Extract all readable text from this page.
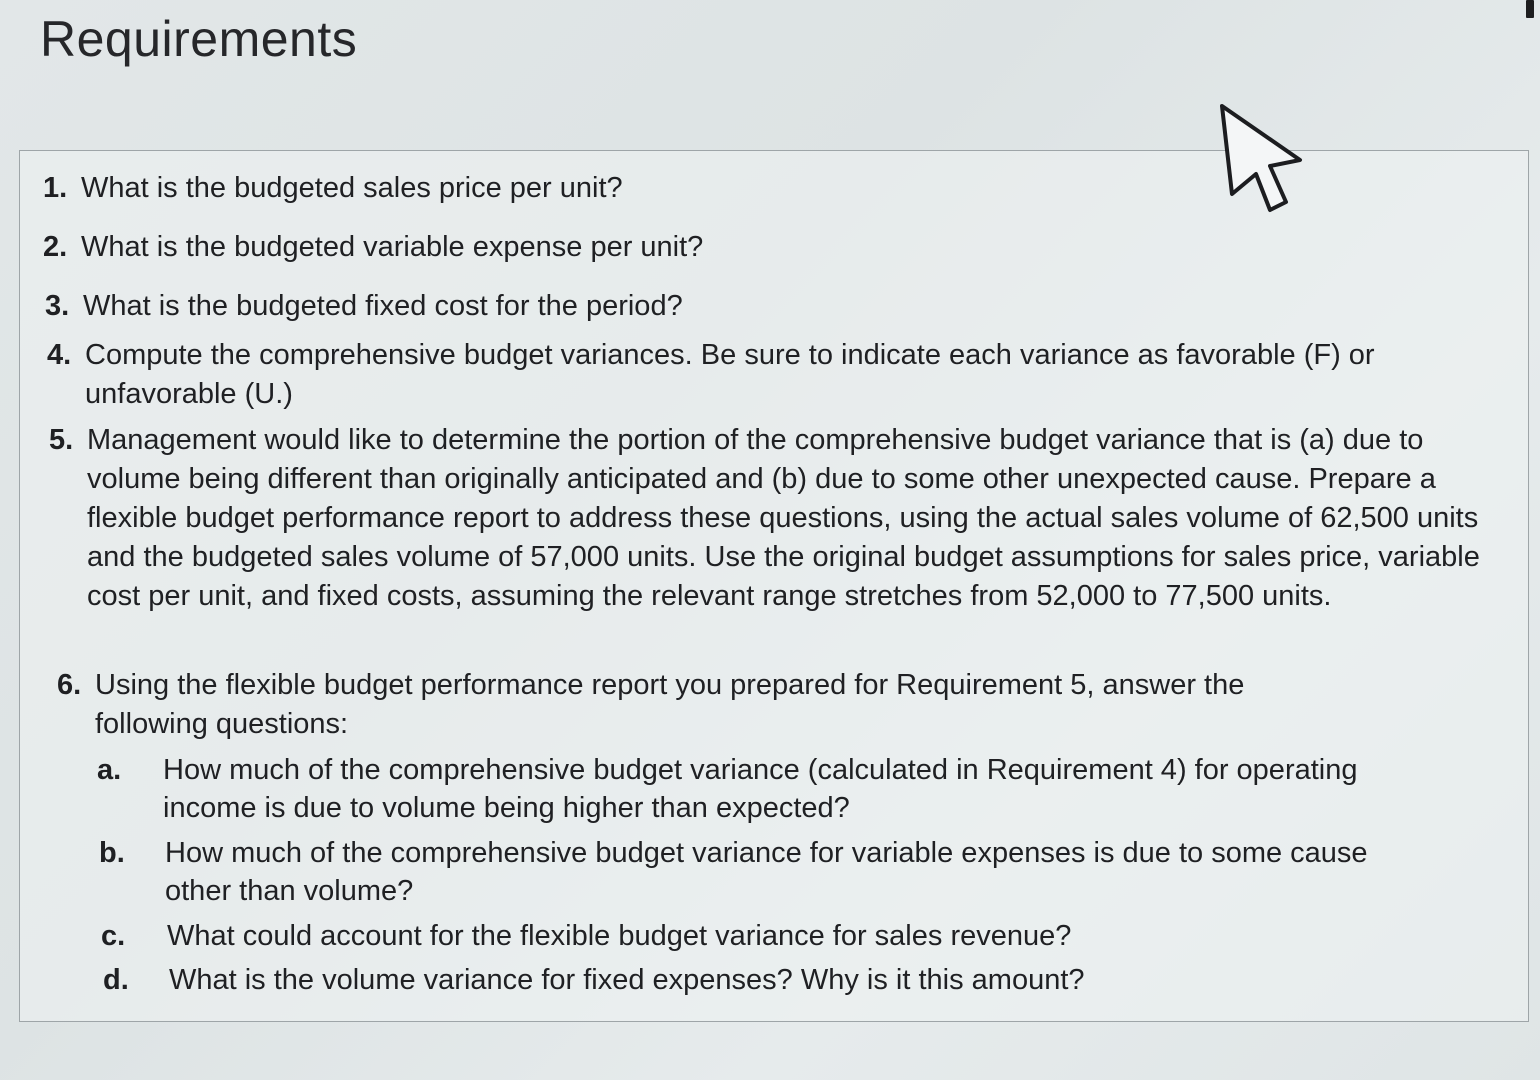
Requirements
1. What is the budgeted sales price per unit?
2. What is the budgeted variable expense per unit?
3. What is the budgeted fixed cost for the period?
4. Compute the comprehensive budget variances. Be sure to indicate each variance as favorable (F) or unfavorable (U.)
5. Management would like to determine the portion of the comprehensive budget variance that is (a) due to volume being different than originally anticipated and (b) due to some other unexpected cause. Prepare a flexible budget performance report to address these questions, using the actual sales volume of 62,500 units and the budgeted sales volume of 57,000 units. Use the original budget assumptions for sales price, variable cost per unit, and fixed costs, assuming the relevant range stretches from 52,000 to 77,500 units.
6. Using the flexible budget performance report you prepared for Requirement 5, answer the following questions:
a.	How much of the comprehensive budget variance (calculated in Requirement 4) for operating income is due to volume being higher than expected?
b.	How much of the comprehensive budget variance for variable expenses is due to some cause other than volume?
c.	What could account for the flexible budget variance for sales revenue?
d.	What is the volume variance for fixed expenses? Why is it this amount?
